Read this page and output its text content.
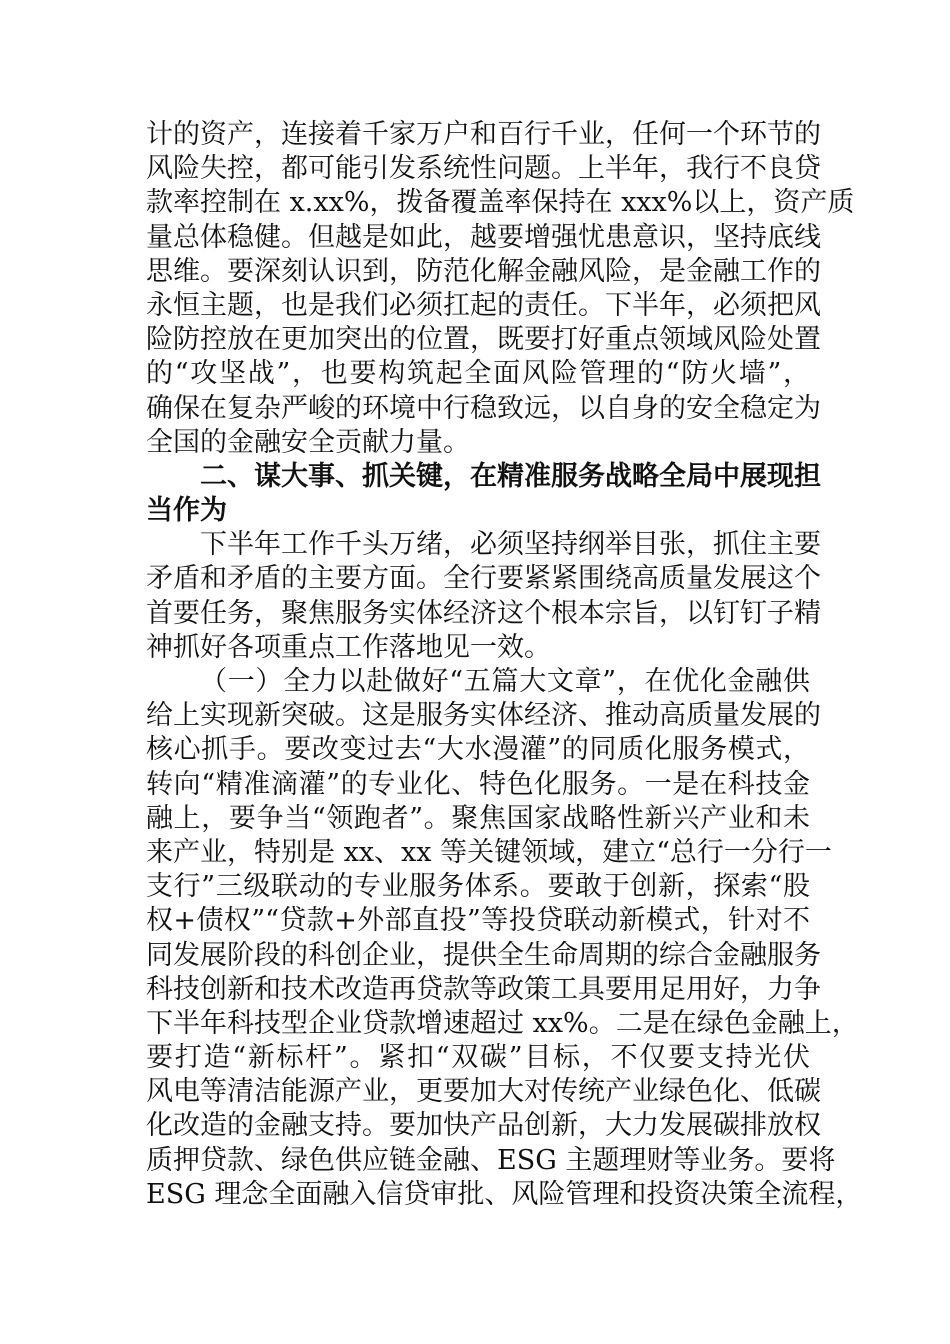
计的资产，连接着千家万户和百行千业，任何一个环节的
风险失控，都可能引发系统性问题。上半年，我行不良贷
款率控制在 x.xx%，拨备覆盖率保持在 xxx%以上，资产质
量总体稳健。但越是如此，越要增强忧患意识，坚持底线
思维。要深刻认识到，防范化解金融风险，是金融工作的
永恒主题，也是我们必须扛起的责任。下半年，必须把风
险防控放在更加突出的位置，既要打好重点领域风险处置
的“攻坚战”，也要构筑起全面风险管理的“防火墙”，
确保在复杂严峻的环境中行稳致远，以自身的安全稳定为
全国的金融安全贡献力量。
二、谋大事、抓关键，在精准服务战略全局中展现担
当作为
下半年工作千头万绪，必须坚持纲举目张，抓住主要
矛盾和矛盾的主要方面。全行要紧紧围绕高质量发展这个
首要任务，聚焦服务实体经济这个根本宗旨，以钉钉子精
神抓好各项重点工作落地见一效。
（一）全力以赴做好“五篇大文章”，在优化金融供
给上实现新突破。这是服务实体经济、推动高质量发展的
核心抓手。要改变过去“大水漫灌”的同质化服务模式，
转向“精准滴灌”的专业化、特色化服务。一是在科技金
融上，要争当“领跑者”。聚焦国家战略性新兴产业和未
来产业，特别是 xx、xx 等关键领域，建立“总行一分行一
支行”三级联动的专业服务体系。要敢于创新，探索“股
权+债权”“贷款+外部直投”等投贷联动新模式，针对不
同发展阶段的科创企业，提供全生命周期的综合金融服务
科技创新和技术改造再贷款等政策工具要用足用好，力争
下半年科技型企业贷款增速超过 xx%。二是在绿色金融上，
要打造“新标杆”。紧扣“双碳”目标，不仅要支持光伏
风电等清洁能源产业，更要加大对传统产业绿色化、低碳
化改造的金融支持。要加快产品创新，大力发展碳排放权
质押贷款、绿色供应链金融、ESG 主题理财等业务。要将
ESG 理念全面融入信贷审批、风险管理和投资决策全流程，
